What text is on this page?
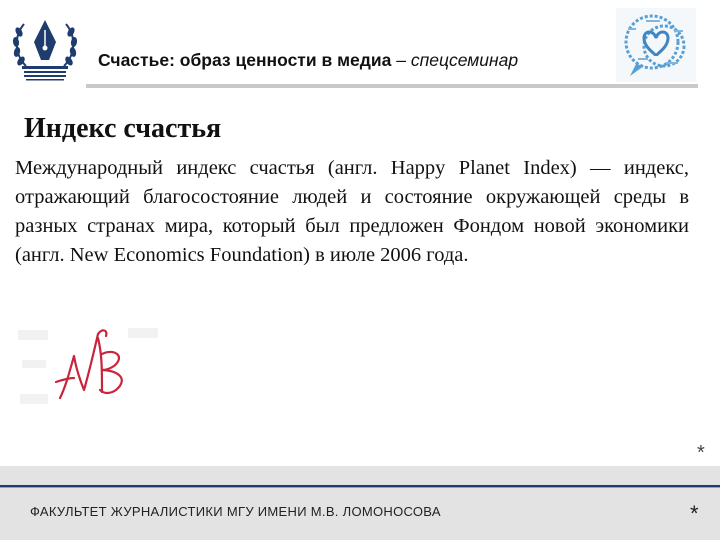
Счастье: образ ценности в медиа – спецсеминар
Индекс счастья
Международный индекс счастья (англ. Happy Planet Index) — индекс, отражающий благосостояние людей и состояние окружающей среды в разных странах мира, который был предложен Фондом новой экономики (англ. New Economics Foundation) в июле 2006 года.
*
ФАКУЛЬТЕТ ЖУРНАЛИСТИКИ МГУ ИМЕНИ М.В. ЛОМОНОСОВА	*
